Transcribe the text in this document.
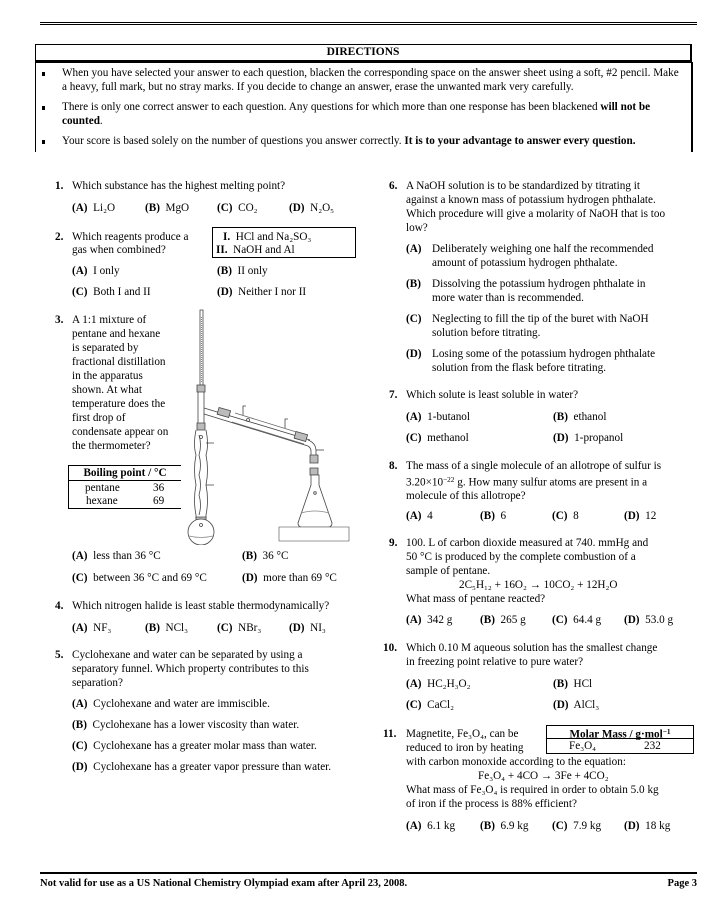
DIRECTIONS
When you have selected your answer to each question, blacken the corresponding space on the answer sheet using a soft, #2 pencil. Make a heavy, full mark, but no stray marks. If you decide to change an answer, erase the unwanted mark very carefully.
There is only one correct answer to each question. Any questions for which more than one response has been blackened will not be counted.
Your score is based solely on the number of questions you answer correctly. It is to your advantage to answer every question.
1. Which substance has the highest melting point?
(A) Li₂O	(B) MgO (C) CO₂	(D) N₂O₅
2. Which reagents produce a
gas when combined?
I. HCl and Na₂SO₃
II. NaOH and Al
(A) I only	(B) II only
(C) Both I and II	(D) Neither I nor II
3. A 1:1 mixture of
pentane and hexane
is separated by
fractional distillation
in the apparatus
shown. At what
temperature does the
first drop of
condensate appear on
the thermometer?
Boiling point / °C
pentane	36
hexane	69
(A) less than 36 °C	(B) 36 °C
(C) between 36 °C and 69 °C	(D) more than 69 °C
4. Which nitrogen halide is least stable thermodynamically?
(A) NF₃	(B) NCl₃	(C) NBr₃ (D) NI₃
5. Cyclohexane and water can be separated by using a
separatory funnel. Which property contributes to this
separation?
(A) Cyclohexane and water are immiscible.
(B) Cyclohexane has a lower viscosity than water.
(C) Cyclohexane has a greater molar mass than water.
(D) Cyclohexane has a greater vapor pressure than water.
6. A NaOH solution is to be standardized by titrating it
against a known mass of potassium hydrogen phthalate.
Which procedure will give a molarity of NaOH that is too
low?
(A) Deliberately weighing one half the recommended
amount of potassium hydrogen phthalate.
(B) Dissolving the potassium hydrogen phthalate in
more water than is recommended.
(C) Neglecting to fill the tip of the buret with NaOH
solution before titrating.
(D) Losing some of the potassium hydrogen phthalate
solution from the flask before titrating.
7. Which solute is least soluble in water?
(A) 1-butanol	(B) ethanol
(C) methanol	(D) 1-propanol
8. The mass of a single molecule of an allotrope of sulfur is
$3.20\times 10^{-22}$ g. How many sulfur atoms are present in a
molecule of this allotrope?
(A) 4	(B) 6	(C) 8	(D) 12
9. 100. L of carbon dioxide measured at 740. mmHg and
50 °C is produced by the complete combustion of a
sample of pentane.
2C₅H₁₂ + 16O₂ → 10CO₂ + 12H₂O
What mass of pentane reacted?
(A) 342 g (B) 265 g (C) 64.4 g (D) 53.0 g
10. Which 0.10 M aqueous solution has the smallest change
in freezing point relative to pure water?
(A) HC₂H₃O₂	(B) HCl
(C) CaCl₂	(D) AlCl₃
11. Magnetite, Fe₃O₄, can be
reduced to iron by heating
with carbon monoxide according to the equation:
Molar Mass / g·mol$^{-1}$
Fe₃O₄	232
Fe₃O₄ + 4CO → 3Fe + 4CO₂
What mass of Fe₃O₄ is required in order to obtain 5.0 kg
of iron if the process is 88% efficient?
(A) 6.1 kg (B) 6.9 kg (C) 7.9 kg (D) 18 kg
Not valid for use as a US National Chemistry Olympiad exam after April 23, 2008.	Page 3
